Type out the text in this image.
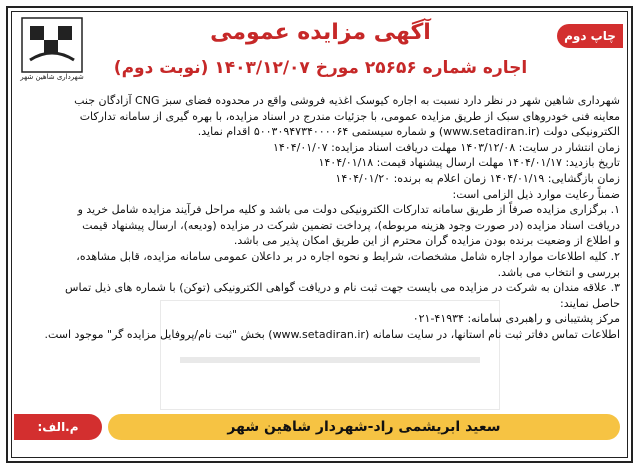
شهرداری شاهین شهر
چاپ دوم
آگهی مزایده عمومی
اجاره شماره ۲۵۶۵۶ مورخ ۱۴۰۳/۱۲/۰۷ (نوبت دوم)

شهرداری شاهین شهر در نظر دارد نسبت به اجاره کیوسک اغذیه فروشی واقع در محدوده فضای سبز CNG آزادگان جنب

معاینه فنی خودروهای سبک از طریق مزایده عمومی، با جزئیات مندرج در اسناد مزایده، با بهره گیری از سامانه تدارکات

الکترونیکی دولت (www.setadiran.ir) و شماره سیستمی ۵۰۰۳۰۹۴۷۳۴۰۰۰۰۶۴ اقدام نماید.

زمان انتشار در سایت: ۱۴۰۳/۱۲/۰۸ مهلت دریافت اسناد مزایده: ۱۴۰۴/۰۱/۰۷

تاریخ بازدید: ۱۴۰۴/۰۱/۱۷ مهلت ارسال پیشنهاد قیمت: ۱۴۰۴/۰۱/۱۸

زمان بازگشایی: ۱۴۰۴/۰۱/۱۹ زمان اعلام به برنده: ۱۴۰۴/۰۱/۲۰

ضمناً رعایت موارد ذیل الزامی است:

۱. برگزاری مزایده صرفاً از طریق سامانه تدارکات الکترونیکی دولت می باشد و کلیه مراحل فرآیند مزایده شامل خرید و

دریافت اسناد مزایده (در صورت وجود هزینه مربوطه)، پرداخت تضمین شرکت در مزایده (ودیعه)، ارسال پیشنهاد قیمت

و اطلاع از وضعیت برنده بودن مزایده گران محترم از این طریق امکان پذیر می باشد.

۲. کلیه اطلاعات موارد اجاره شامل مشخصات، شرایط و نحوه اجاره در بر داعلان عمومی سامانه مزایده، قابل مشاهده،

بررسی و انتخاب می باشد.

۳. علاقه مندان به شرکت در مزایده می بایست جهت ثبت نام و دریافت گواهی الکترونیکی (توکن) با شماره های ذیل تماس

حاصل نمایند:

مرکز پشتیبانی و راهبردی سامانه: ۴۱۹۳۴-۰۲۱

اطلاعات تماس دفاتر ثبت نام استانها، در سایت سامانه (www.setadiran.ir) بخش "ثبت نام/پروفایل مزایده گر" موجود است.

سعید ابریشمی راد-شهردار شاهین شهر
م.الف: ۱۸۹۰۰۳۲
